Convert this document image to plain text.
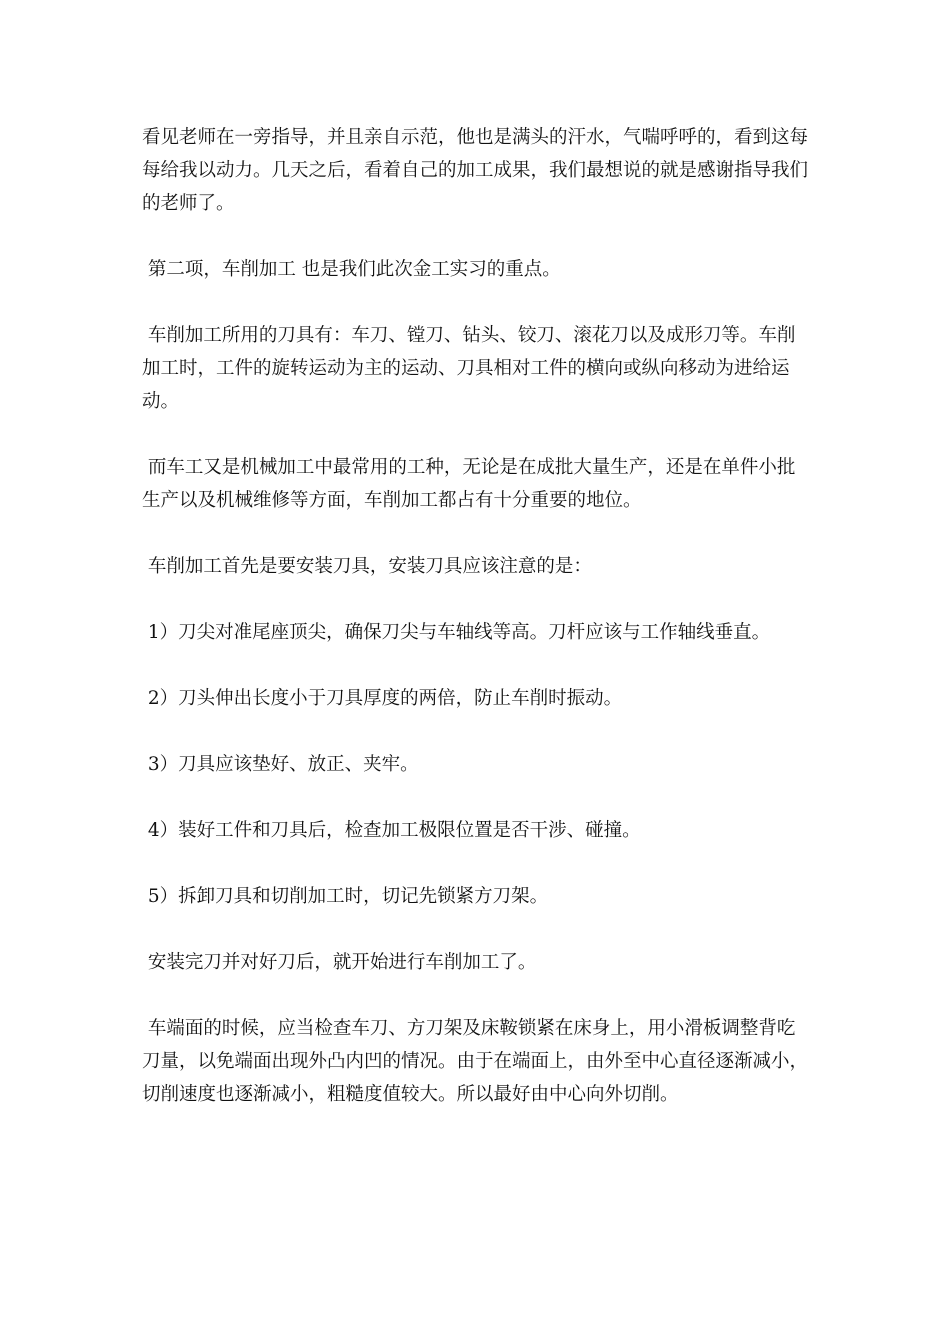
看见老师在一旁指导，并且亲自示范，他也是满头的汗水，气喘呼呼的，看到这每每给我以动力。几天之后，看着自己的加工成果，我们最想说的就是感谢指导我们的老师了。

第二项，车削加工 也是我们此次金工实习的重点。

车削加工所用的刀具有：车刀、镗刀、钻头、铰刀、滚花刀以及成形刀等。车削加工时，工件的旋转运动为主的运动、刀具相对工件的横向或纵向移动为进给运动。

而车工又是机械加工中最常用的工种，无论是在成批大量生产，还是在单件小批生产以及机械维修等方面，车削加工都占有十分重要的地位。

车削加工首先是要安装刀具，安装刀具应该注意的是：

1）刀尖对准尾座顶尖，确保刀尖与车轴线等高。刀杆应该与工作轴线垂直。

2）刀头伸出长度小于刀具厚度的两倍，防止车削时振动。

3）刀具应该垫好、放正、夹牢。

4）装好工件和刀具后，检查加工极限位置是否干涉、碰撞。

5）拆卸刀具和切削加工时，切记先锁紧方刀架。

安装完刀并对好刀后，就开始进行车削加工了。

车端面的时候，应当检查车刀、方刀架及床鞍锁紧在床身上，用小滑板调整背吃刀量，以免端面出现外凸内凹的情况。由于在端面上，由外至中心直径逐渐减小，切削速度也逐渐减小，粗糙度值较大。所以最好由中心向外切削。
